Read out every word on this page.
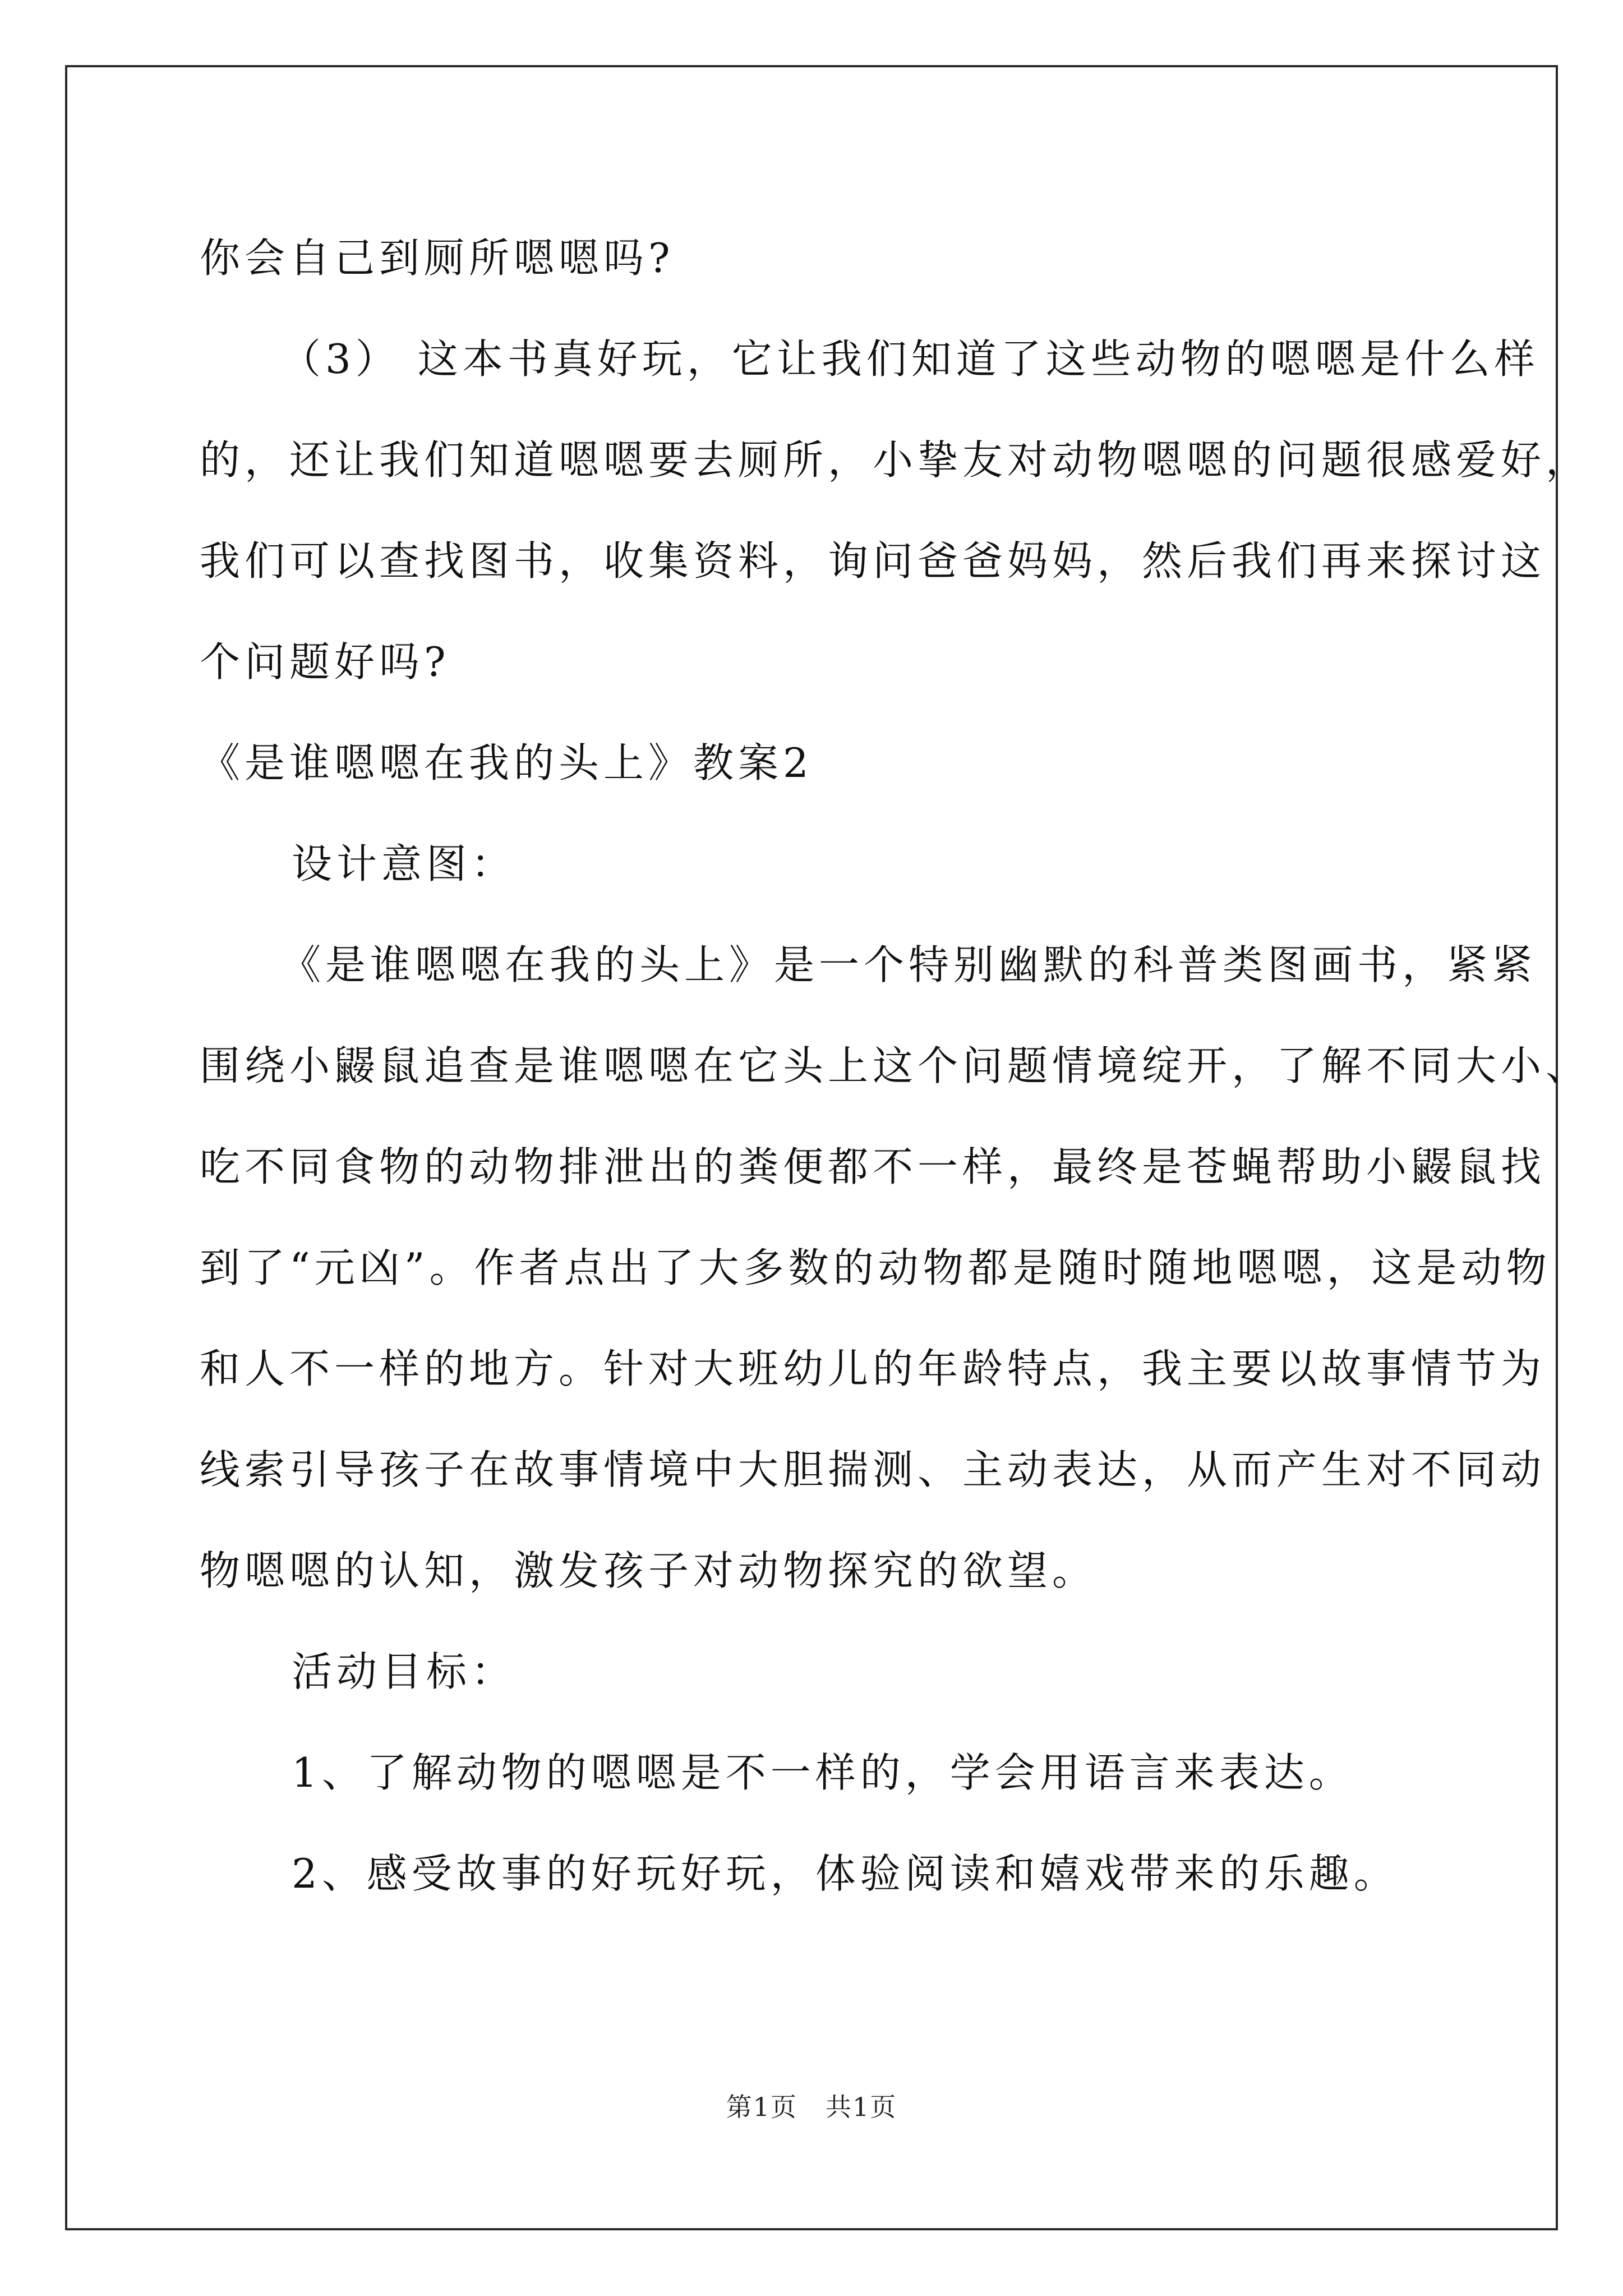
你会自己到厕所嗯嗯吗?
（3） 这本书真好玩，它让我们知道了这些动物的嗯嗯是什么样
的，还让我们知道嗯嗯要去厕所，小挚友对动物嗯嗯的问题很感爱好，
我们可以查找图书，收集资料，询问爸爸妈妈，然后我们再来探讨这
个问题好吗?
《是谁嗯嗯在我的头上》教案2
设计意图：
《是谁嗯嗯在我的头上》是一个特别幽默的科普类图画书，紧紧
围绕小鼹鼠追查是谁嗯嗯在它头上这个问题情境绽开，了解不同大小、
吃不同食物的动物排泄出的粪便都不一样，最终是苍蝇帮助小鼹鼠找
到了“元凶”。作者点出了大多数的动物都是随时随地嗯嗯，这是动物
和人不一样的地方。针对大班幼儿的年龄特点，我主要以故事情节为
线索引导孩子在故事情境中大胆揣测、主动表达，从而产生对不同动
物嗯嗯的认知，激发孩子对动物探究的欲望。
活动目标：
1、了解动物的嗯嗯是不一样的，学会用语言来表达。
2、感受故事的好玩好玩，体验阅读和嬉戏带来的乐趣。
第1页 共1页
